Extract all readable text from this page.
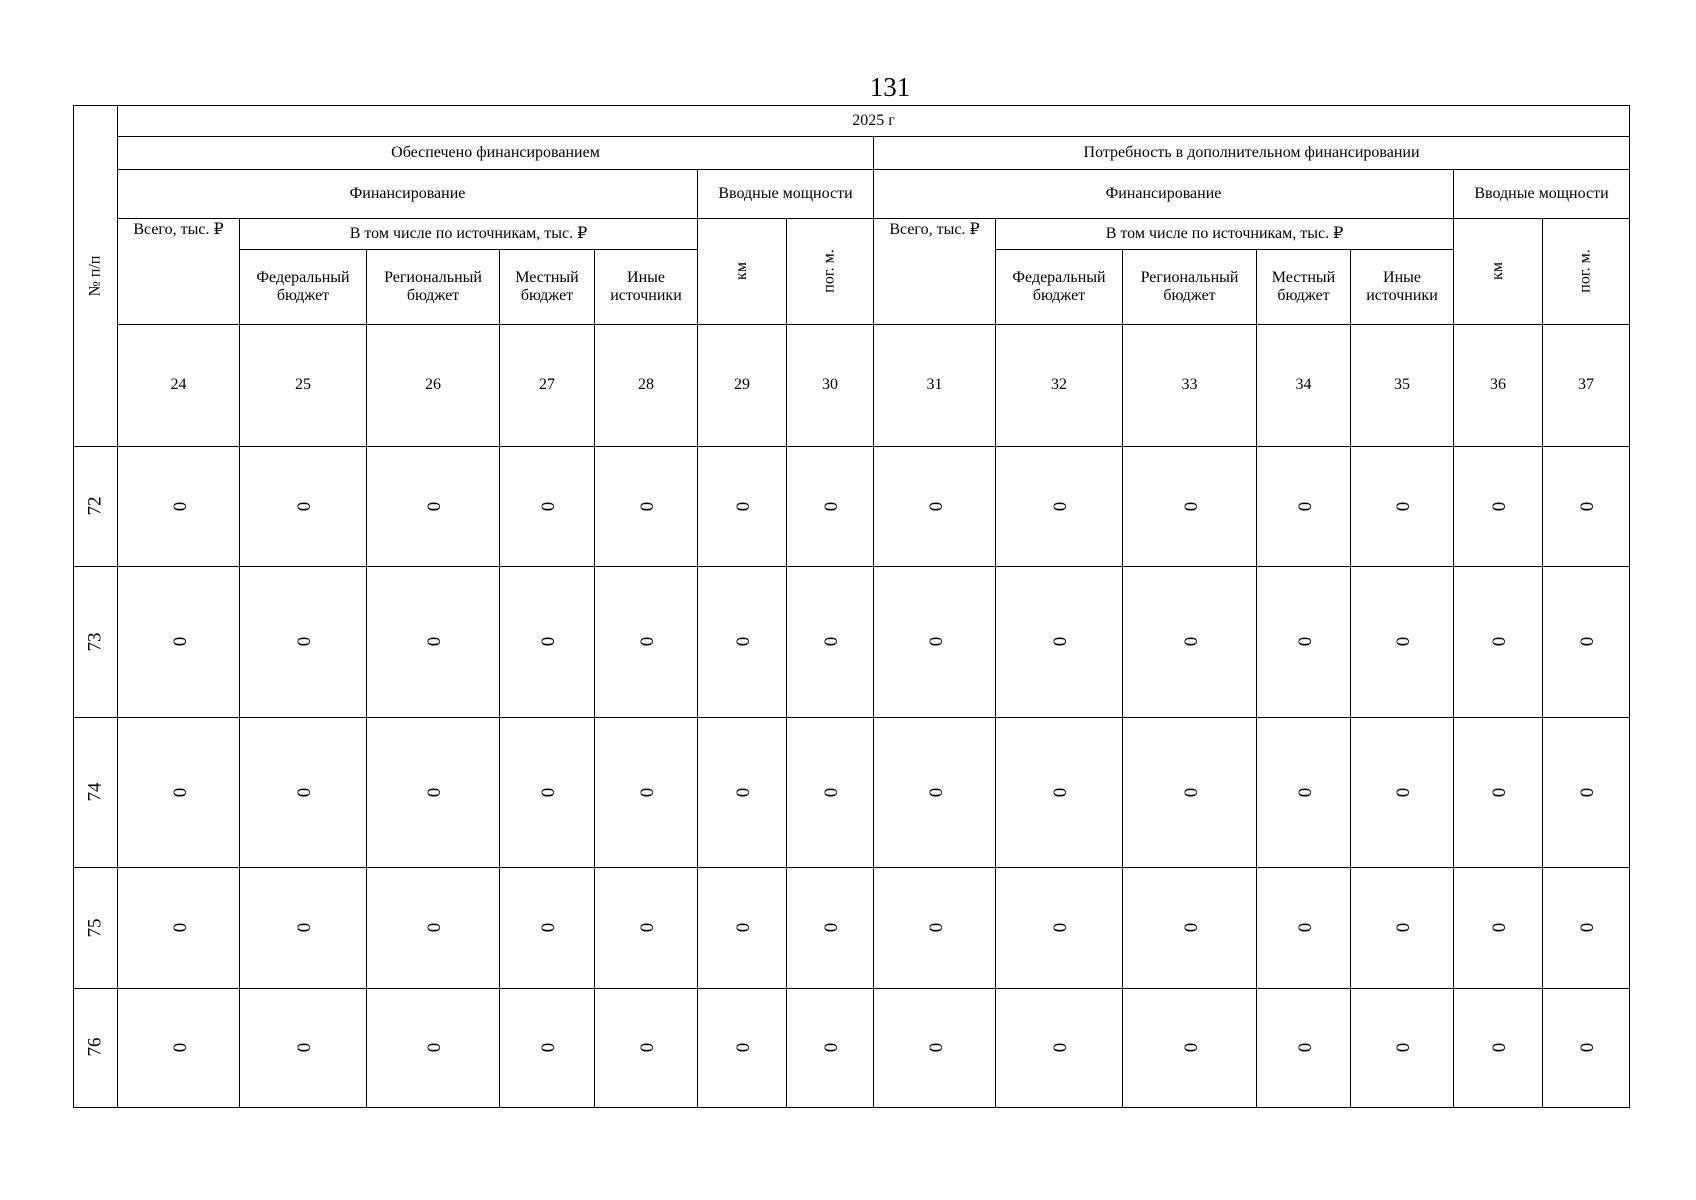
131
№ п/п	2025 г													
	Обеспечено финансированием							Потребность в дополнительном финансировании						
	Финансирование					Вводные мощности		Финансирование					Вводные мощности	
	Всего, тыс. ₽	В том числе по источникам, тыс. ₽				км	пог. м.	Всего, тыс. ₽	В том числе по источникам, тыс. ₽				км	пог. м.
		Федеральный бюджет	Региональный бюджет	Местный бюджет	Иные источники				Федеральный бюджет	Региональный бюджет	Местный бюджет	Иные источники		
	24	25	26	27	28	29	30	31	32	33	34	35	36	37
72	0	0	0	0	0	0	0	0	0	0	0	0	0	0
73	0	0	0	0	0	0	0	0	0	0	0	0	0	0
74	0	0	0	0	0	0	0	0	0	0	0	0	0	0
75	0	0	0	0	0	0	0	0	0	0	0	0	0	0
76	0	0	0	0	0	0	0	0	0	0	0	0	0	0
